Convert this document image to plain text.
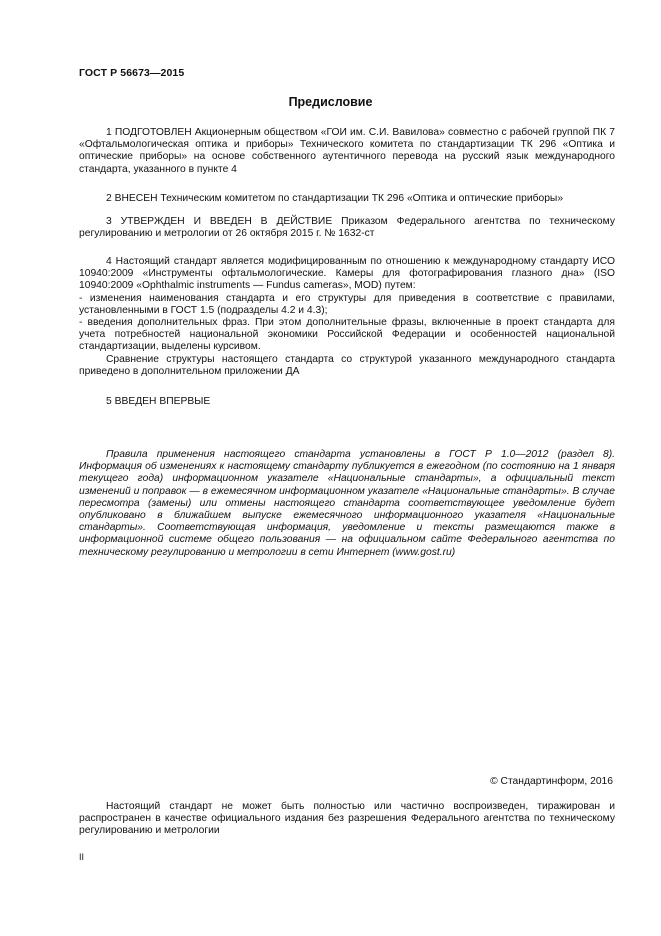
ГОСТ Р 56673—2015
Предисловие

1 ПОДГОТОВЛЕН Акционерным обществом «ГОИ им. С.И. Вавилова» совместно с рабочей группой ПК 7 «Офтальмологическая оптика и приборы» Технического комитета по стандартизации ТК 296 «Оптика и оптические приборы» на основе собственного аутентичного перевода на русский язык международного стандарта, указанного в пункте 4

2 ВНЕСЕН Техническим комитетом по стандартизации ТК 296 «Оптика и оптические приборы»

3 УТВЕРЖДЕН И ВВЕДЕН В ДЕЙСТВИЕ Приказом Федерального агентства по техническому регулированию и метрологии от 26 октября 2015 г. № 1632-ст

4 Настоящий стандарт является модифицированным по отношению к международному стандарту ИСО 10940:2009 «Инструменты офтальмологические. Камеры для фотографирования глазного дна» (ISO 10940:2009 «Ophthalmic instruments — Fundus cameras», MOD) путем:

- изменения наименования стандарта и его структуры для приведения в соответствие с правилами, установленными в ГОСТ 1.5 (подразделы 4.2 и 4.3);

- введения дополнительных фраз. При этом дополнительные фразы, включенные в проект стандарта для учета потребностей национальной экономики Российской Федерации и особенностей национальной стандартизации, выделены курсивом.

Сравнение структуры настоящего стандарта со структурой указанного международного стандарта приведено в дополнительном приложении ДА

5 ВВЕДЕН ВПЕРВЫЕ

Правила применения настоящего стандарта установлены в ГОСТ Р 1.0—2012 (раздел 8). Информация об изменениях к настоящему стандарту публикуется в ежегодном (по состоянию на 1 января текущего года) информационном указателе «Национальные стандарты», а официальный текст изменений и поправок — в ежемесячном информационном указателе «Национальные стандарты». В случае пересмотра (замены) или отмены настоящего стандарта соответствующее уведомление будет опубликовано в ближайшем выпуске ежемесячного информационного указателя «Национальные стандарты». Соответствующая информация, уведомление и тексты размещаются также в информационной системе общего пользования — на официальном сайте Федерального агентства по техническому регулированию и метрологии в сети Интернет (www.gost.ru)

© Стандартинформ, 2016

Настоящий стандарт не может быть полностью или частично воспроизведен, тиражирован и распространен в качестве официального издания без разрешения Федерального агентства по техническому регулированию и метрологии

II
